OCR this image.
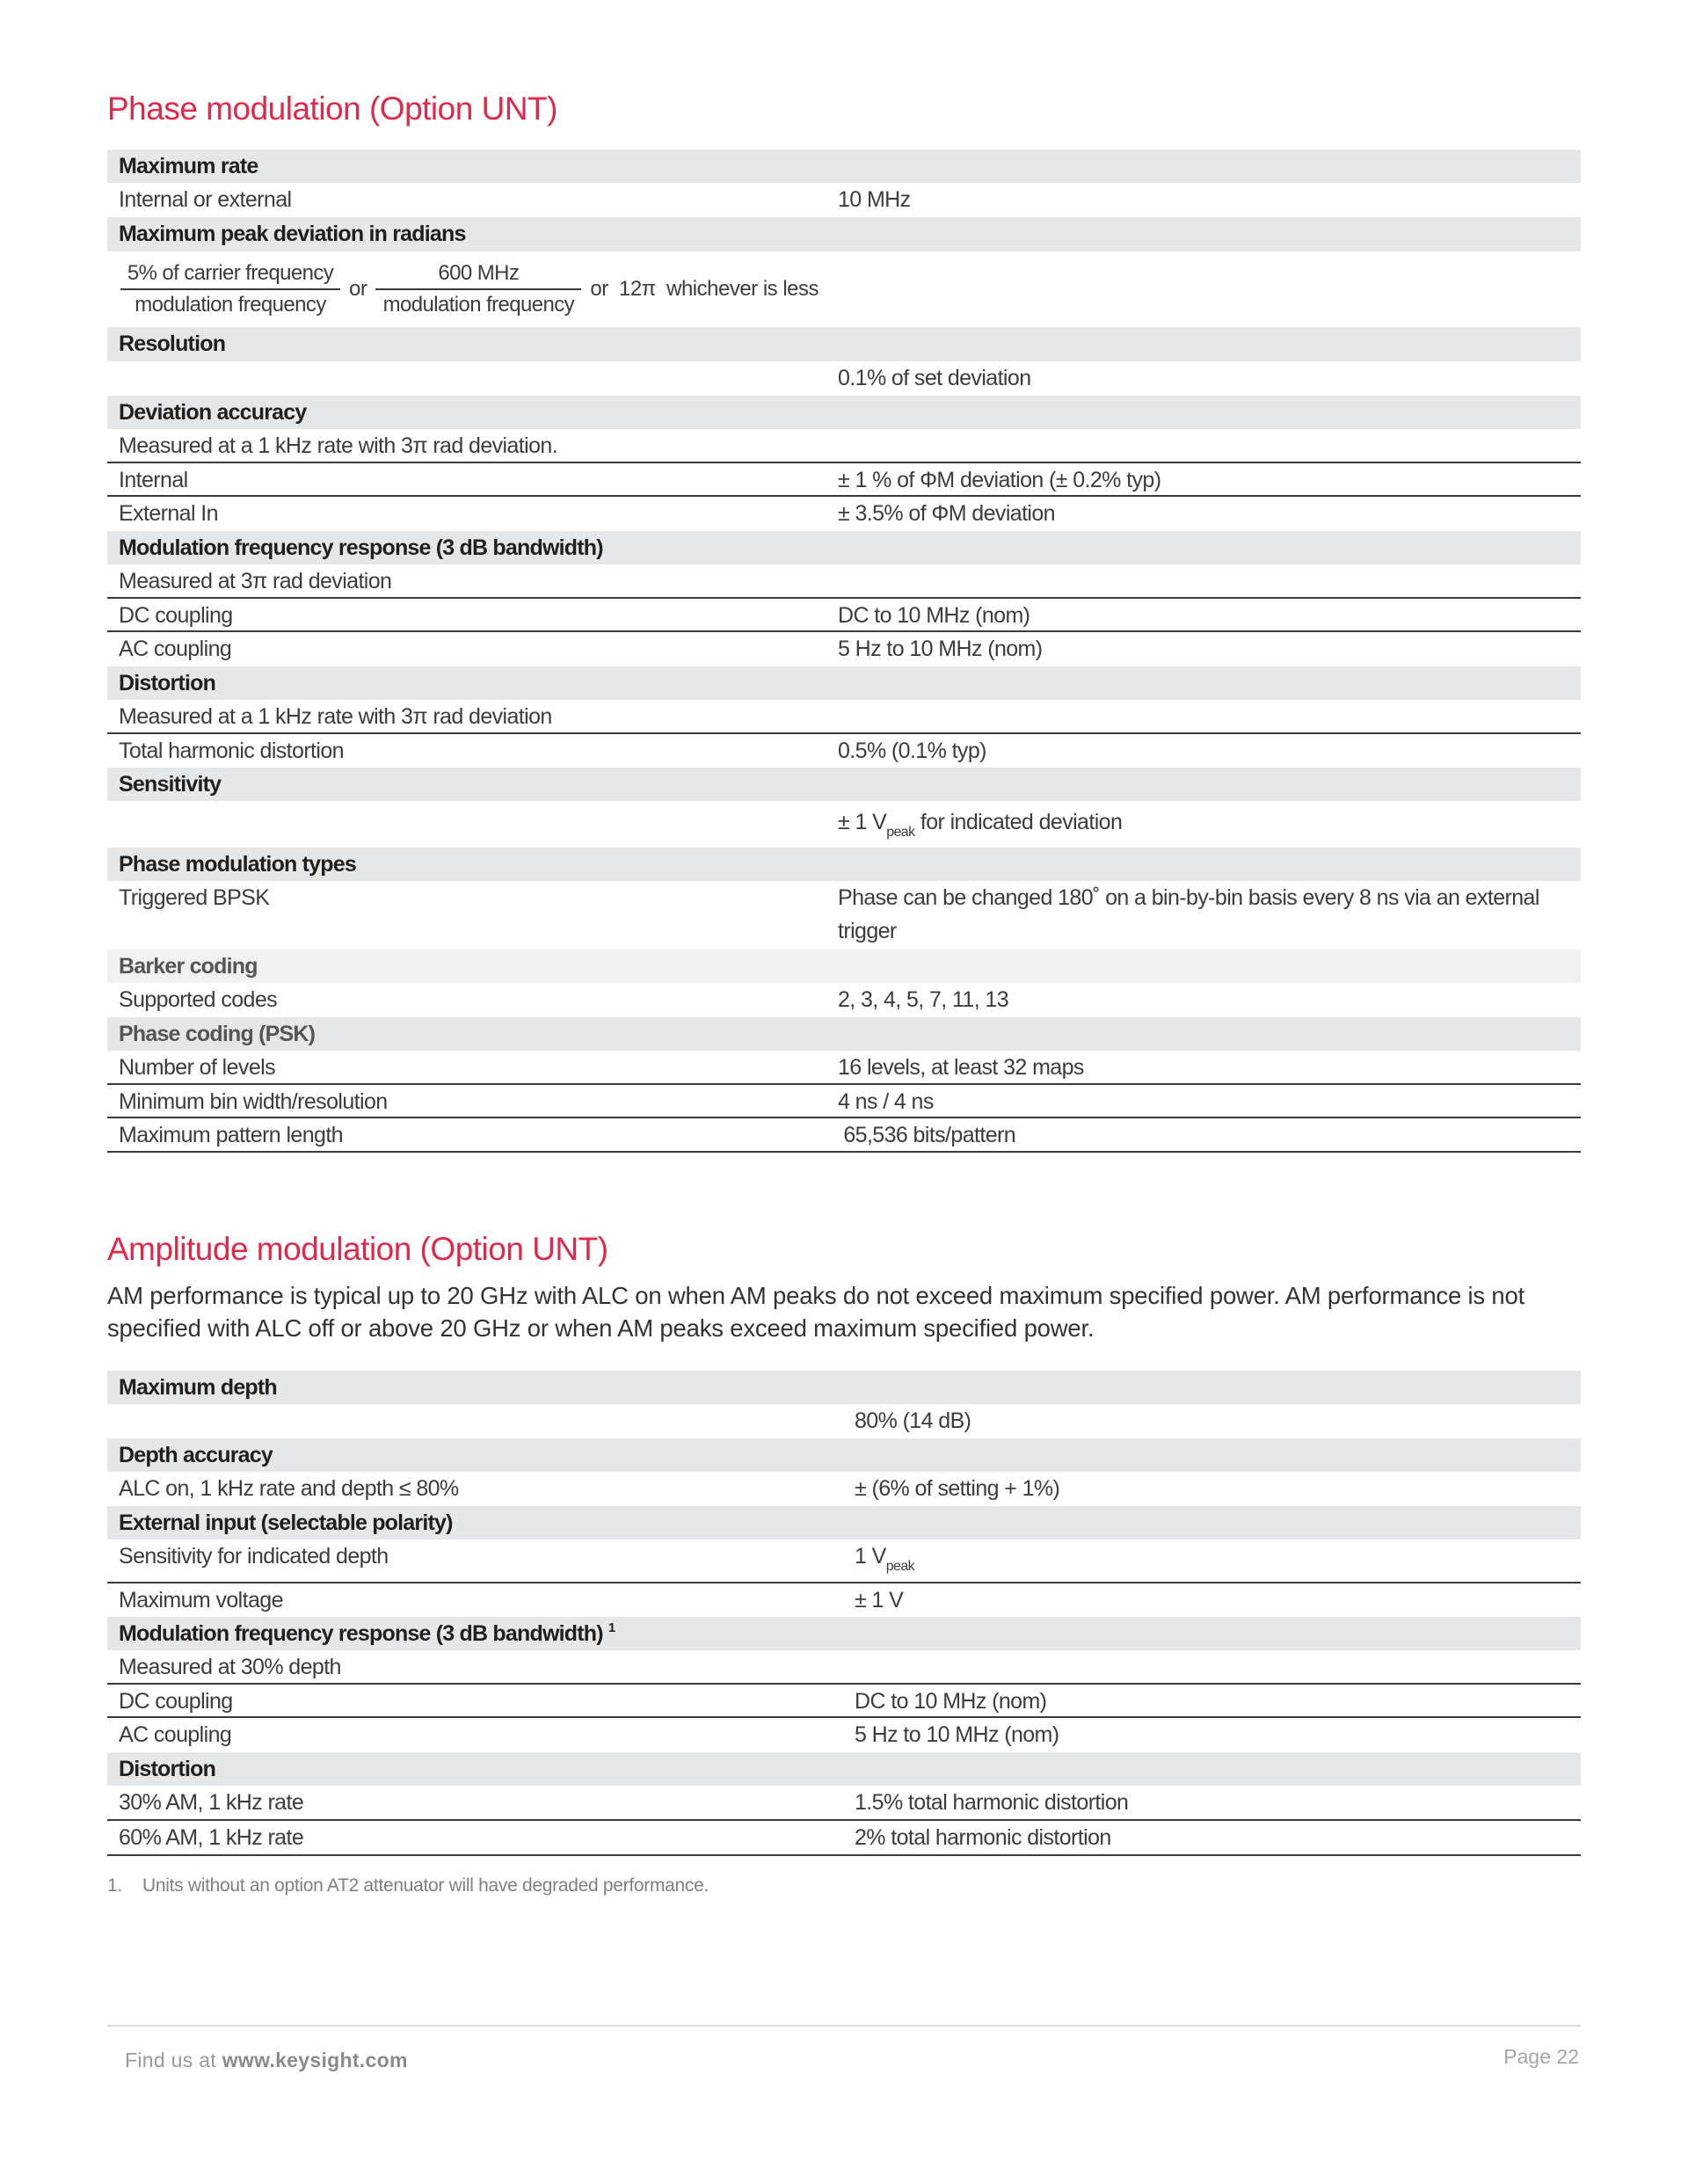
Phase modulation (Option UNT)
Maximum rate
Internal or external	10 MHz
Maximum peak deviation in radians
$\frac{\text{5\% of carrier frequency}}{\text{modulation frequency}}$ or $\frac{\text{600 MHz}}{\text{modulation frequency}}$ or  12π  whichever is less
Resolution
0.1% of set deviation
Deviation accuracy
Measured at a 1 kHz rate with 3π rad deviation.
Internal	± 1 % of ΦM deviation (± 0.2% typ)
External In	± 3.5% of ΦM deviation
Modulation frequency response (3 dB bandwidth)
Measured at 3π rad deviation
DC coupling	DC to 10 MHz (nom)
AC coupling	5 Hz to 10 MHz (nom)
Distortion
Measured at a 1 kHz rate with 3π rad deviation
Total harmonic distortion	0.5% (0.1% typ)
Sensitivity
± 1 $V_{peak}$ for indicated deviation
Phase modulation types
Triggered BPSK	Phase can be changed 180˚ on a bin-by-bin basis every 8 ns via an external trigger
Barker coding
Supported codes	2, 3, 4, 5, 7, 11, 13
Phase coding (PSK)
Number of levels	16 levels, at least 32 maps
Minimum bin width/resolution	4 ns / 4 ns
Maximum pattern length	65,536 bits/pattern
Amplitude modulation (Option UNT)

AM performance is typical up to 20 GHz with ALC on when AM peaks do not exceed maximum specified power. AM performance is not specified with ALC off or above 20 GHz or when AM peaks exceed maximum specified power.

Maximum depth
80% (14 dB)
Depth accuracy
ALC on, 1 kHz rate and depth ≤ 80%	± (6% of setting + 1%)
External input (selectable polarity)
Sensitivity for indicated depth	1 $V_{peak}$
Maximum voltage	± 1 V
Modulation frequency response (3 dB bandwidth) $^1$
Measured at 30% depth
DC coupling	DC to 10 MHz (nom)
AC coupling	5 Hz to 10 MHz (nom)
Distortion
30% AM, 1 kHz rate	1.5% total harmonic distortion
60% AM, 1 kHz rate	2% total harmonic distortion
1. Units without an option AT2 attenuator will have degraded performance.
Find us at www.keysight.com	Page 22
